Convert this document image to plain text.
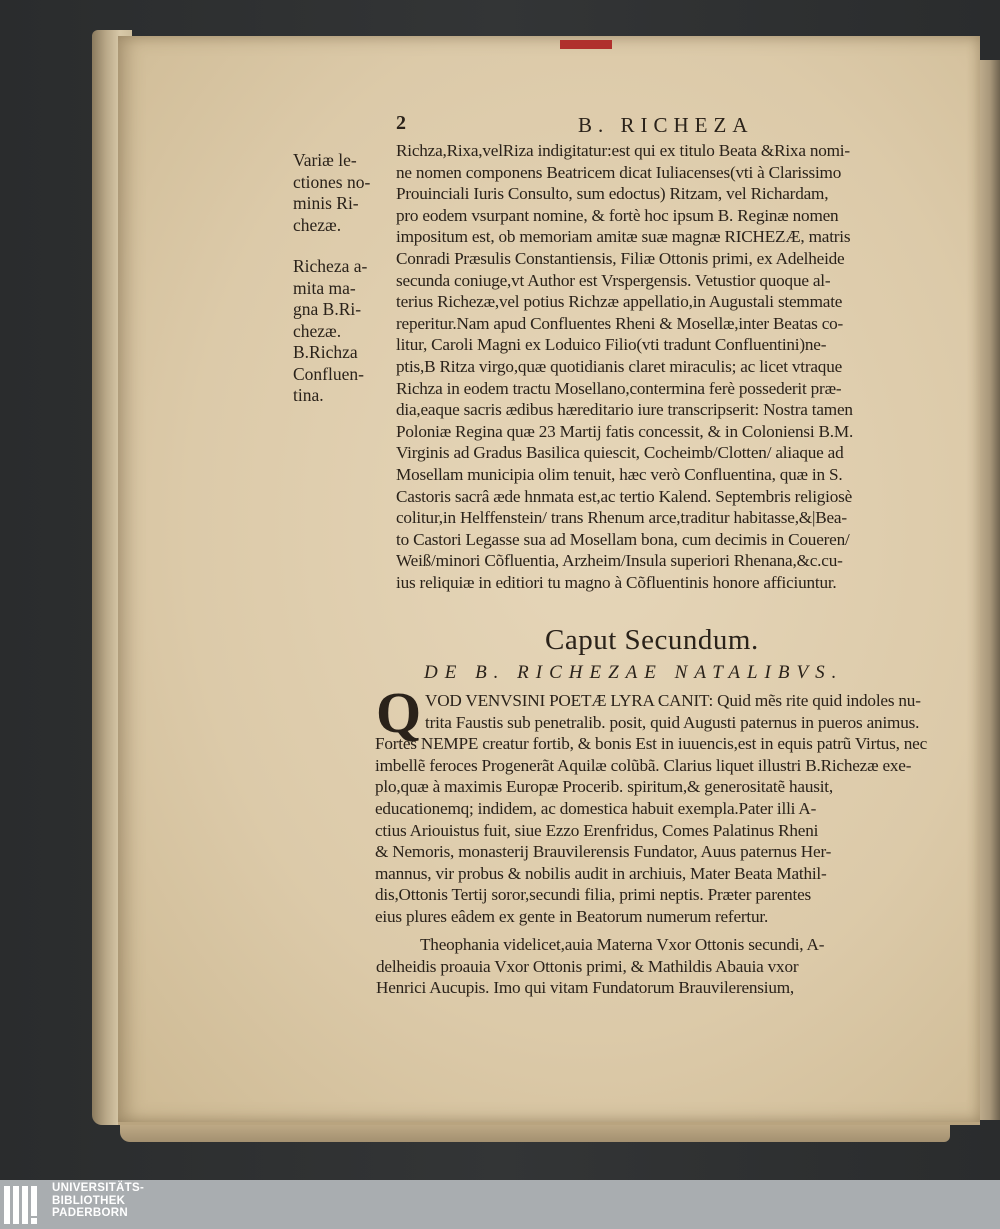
2	B. RICHEZA
Variæ le-
ctiones no-
minis Ri-
chezæ.
Richeza a-
mita ma-
gna B.Ri-
chezæ.
B.Richza
Confluen-
tina.
Richza,Rixa,velRiza indigitatur:est qui ex titulo Beata &Rixa nomi-
ne nomen componens Beatricem dicat Iuliacenses(vti à Clarissimo
Prouinciali Iuris Consulto, sum edoctus) Ritzam, vel Richardam,
pro eodem vsurpant nomine, & fortè hoc ipsum B. Reginæ nomen
impositum est, ob memoriam amitæ suæ magnæ RICHEZÆ, matris
Conradi Præsulis Constantiensis, Filiæ Ottonis primi, ex Adelheide
secunda coniuge,vt Author est Vrspergensis. Vetustior quoque al-
terius Richezæ,vel potius Richzæ appellatio,in Augustali stemmate
reperitur.Nam apud Confluentes Rheni & Mosellæ,inter Beatas co-
litur, Caroli Magni ex Loduico Filio(vti tradunt Confluentini)ne-
ptis,B Ritza virgo,quæ quotidianis claret miraculis; ac licet vtraque
Richza in eodem tractu Mosellano,contermina ferè possederit præ-
dia,eaque sacris ædibus hæreditario iure transcripserit: Nostra tamen
Poloniæ Regina quæ 23 Martij fatis concessit, & in Coloniensi B.M.
Virginis ad Gradus Basilica quiescit, Cocheimb/Clotten/ aliaque ad
Mosellam municipia olim tenuit, hæc verò Confluentina, quæ in S.
Castoris sacrâ æde hnmata est,ac tertio Kalend. Septembris religiosè
colitur,in Helffenstein/ trans Rhenum arce,traditur habitasse,&|Bea-
to Castori Legasse sua ad Mosellam bona, cum decimis in Coueren/
Weiß/minori Cõfluentia, Arzheim/Insula superiori Rhenana,&c.cu-
ius reliquiæ in editiori tu magno à Cõfluentinis honore afficiuntur.
Caput Secundum.
DE B. RICHEZAE NATALIBVS.
Q VOD VENVSINI POETÆ LYRA CANIT: Quid mẽs rite quid indoles nu-
trita Faustis sub penetralib. posit, quid Augusti paternus in pueros animus.
Fortes NEMPE creatur fortib, & bonis Est in iuuencis,est in equis patrũ Virtus, nec
imbellẽ feroces Progenerãt Aquilæ colũbã. Clarius liquet illustri B.Richezæ exe-
plo,quæ à maximis Europæ Procerib. spiritum,& generositatẽ hausit,
educationemq; indidem, ac domestica habuit exempla.Pater illi A-
ctius Ariouistus fuit, siue Ezzo Erenfridus, Comes Palatinus Rheni
& Nemoris, monasterij Brauvilerensis Fundator, Auus paternus Her-
mannus, vir probus & nobilis audit in archiuis, Mater Beata Mathil-
dis,Ottonis Tertij soror,secundi filia, primi neptis. Præter parentes
eius plures eâdem ex gente in Beatorum numerum refertur.
Theophania videlicet,auia Materna Vxor Ottonis secundi, A-
delheidis proauia Vxor Ottonis primi, & Mathildis Abauia vxor
Henrici Aucupis. Imo qui vitam Fundatorum Brauvilerensium,
UNIVERSITÄTS-
BIBLIOTHEK
PADERBORN
